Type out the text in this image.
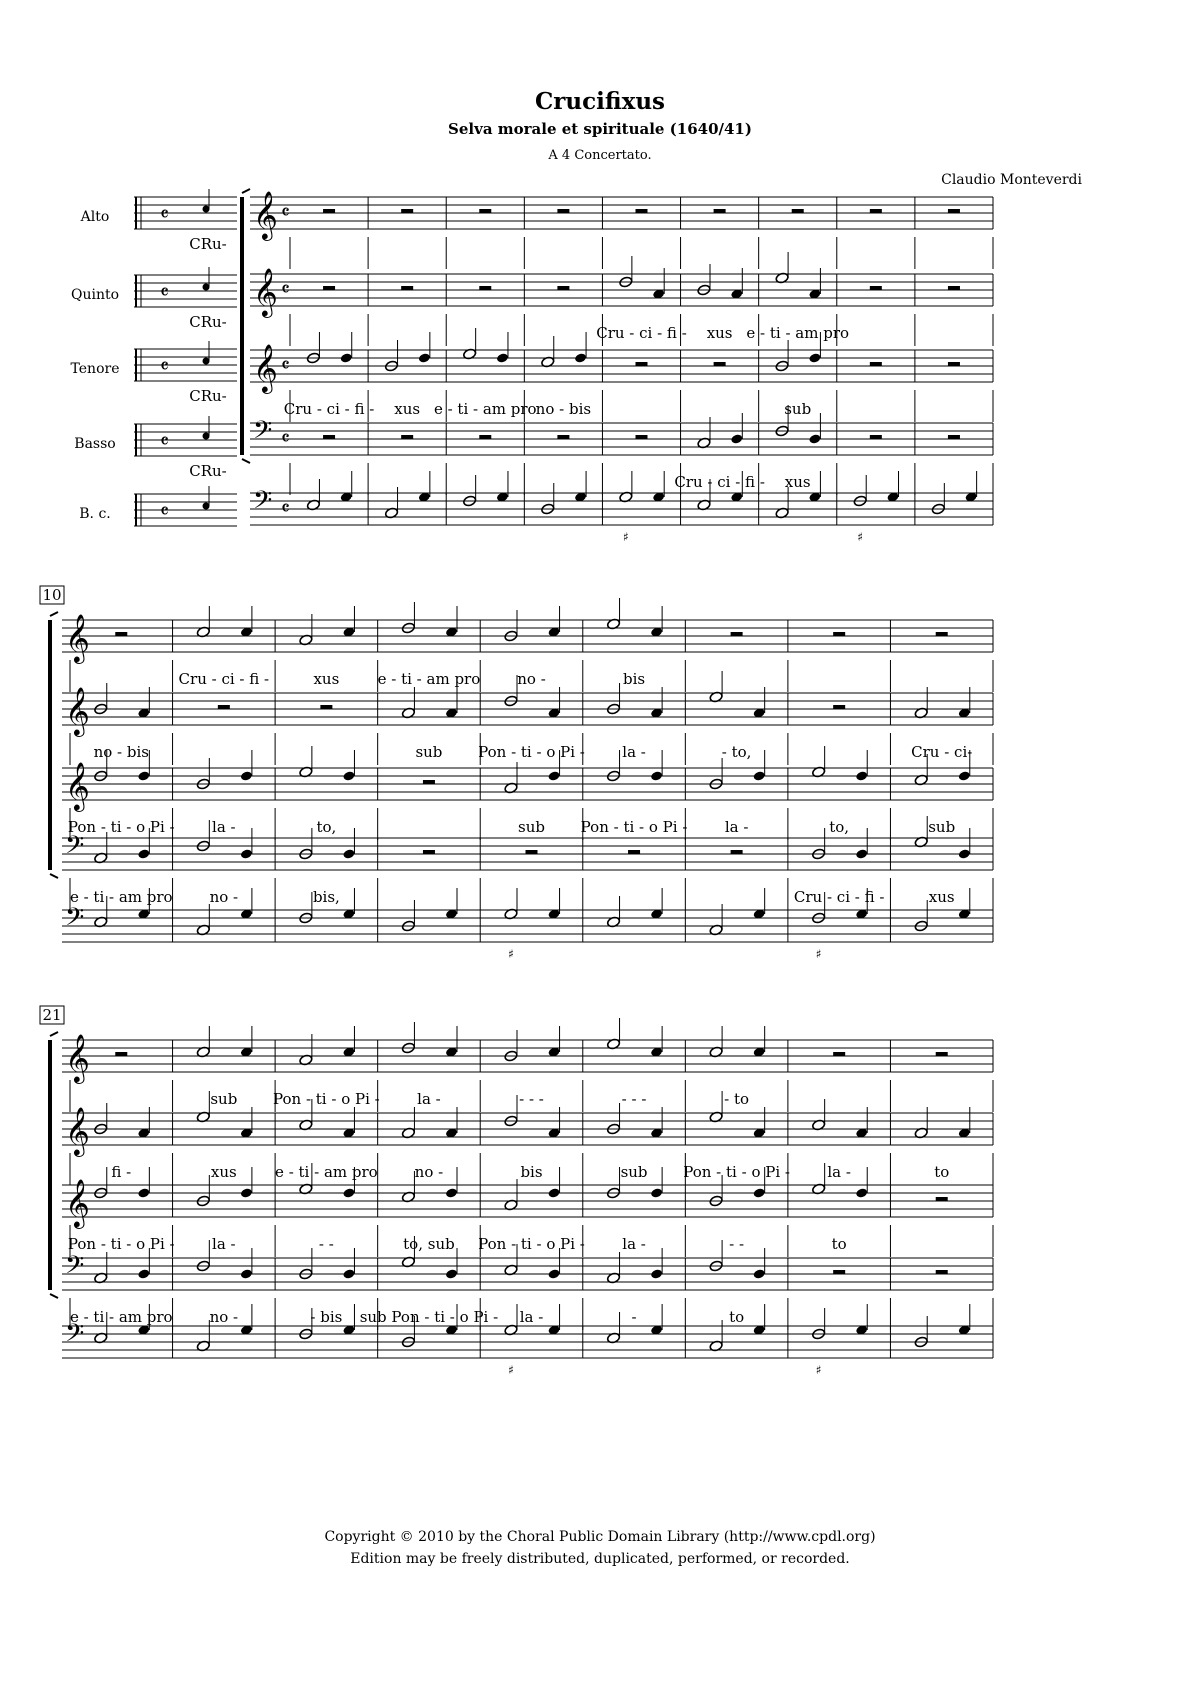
Crucifixus
Selva morale et spirituale (1640/41)
A 4 Concertato.
Claudio Monteverdi
Alto	𝄴
CRu-
Quinto 𝄴
CRu-
Tenore 𝄴
CRu-
Basso 𝄴
CRu-
B. c. 𝄴
𝄞 𝄴
𝄞 𝄴
Cru - ci - fi - xus e - ti - am pro
𝄞 𝄴
Cru - ci - fi - xus e - ti - am pro no - bis	sub
𝄢 𝄴
Cru - ci - fi - xus
𝄢 𝄴
♯	♯
10
𝄞
Cru - ci - fi -	xus	e - ti - am pro no -	bis
𝄞
no - bis	sub Pon - ti - o Pi - la -	- to,	Cru - ci-
𝄞
Pon - ti - o Pi - la -	to,	sub Pon - ti - o Pi - la -	to,	sub
𝄢
e - ti - am pro no -	bis,	Cru - ci - fi -	xus
𝄢
♯	♯
21
𝄞
sub Pon - ti - o Pi - la -	- - -	- - -	- to
𝄞
fi -	xus	e - ti - am pro no -	bis	sub Pon - ti - o Pi - la -	to
𝄞
Pon - ti - o Pi - la -	- -	to, sub Pon - ti - o Pi - la -	- -	to
𝄢
e - ti - am pro no -	- bis sub Pon - ti - o Pi - la -	-	to
𝄢
♯	♯
Copyright © 2010 by the Choral Public Domain Library (http://www.cpdl.org)
Edition may be freely distributed, duplicated, performed, or recorded.
